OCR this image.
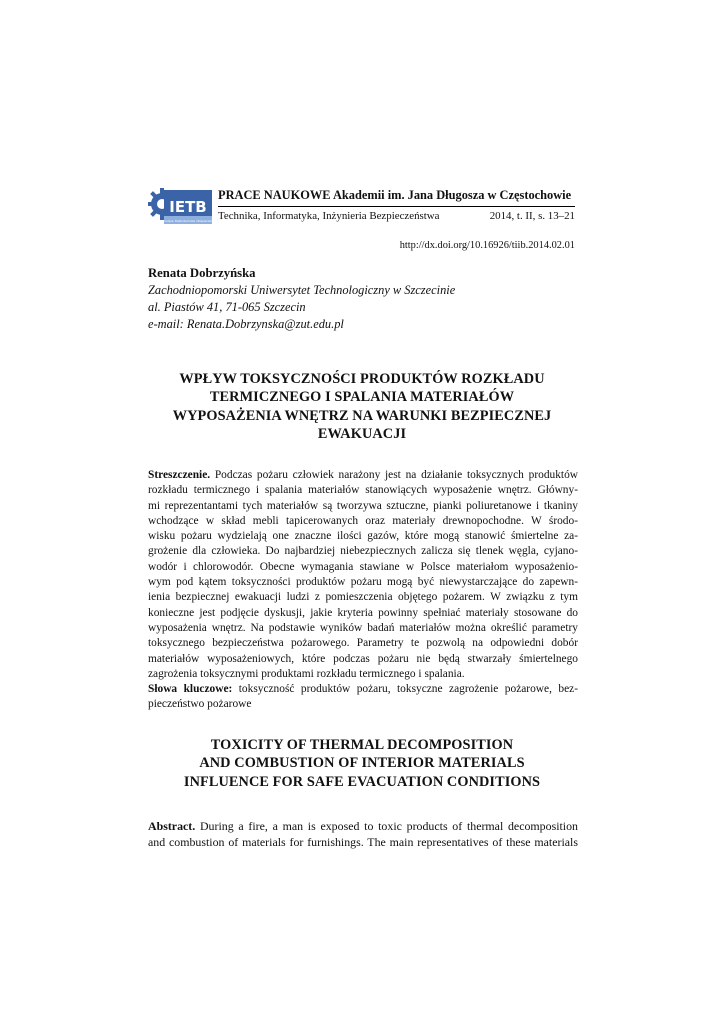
IETB
Informatyka, Elektrotechnika i Bezpieczeństwo
PRACE NAUKOWE Akademii im. Jana Długosza w Częstochowie
Technika, Informatyka, Inżynieria Bezpieczeństwa	2014, t. II, s. 13–21
http://dx.doi.org/10.16926/tiib.2014.02.01
Renata Dobrzyńska
Zachodniopomorski Uniwersytet Technologiczny w Szczecinie
al. Piastów 41, 71-065 Szczecin
e-mail: Renata.Dobrzynska@zut.edu.pl
WPŁYW TOKSYCZNOŚCI PRODUKTÓW ROZKŁADU
TERMICZNEGO I SPALANIA MATERIAŁÓW
WYPOSAŻENIA WNĘTRZ NA WARUNKI BEZPIECZNEJ
EWAKUACJI
Streszczenie. Podczas pożaru człowiek narażony jest na działanie toksycznych produktów
rozkładu termicznego i spalania materiałów stanowiących wyposażenie wnętrz. Główny-
mi reprezentantami tych materiałów są tworzywa sztuczne, pianki poliuretanowe i tkaniny
wchodzące w skład mebli tapicerowanych oraz materiały drewnopochodne. W środo-
wisku pożaru wydzielają one znaczne ilości gazów, które mogą stanowić śmiertelne za-
grożenie dla człowieka. Do najbardziej niebezpiecznych zalicza się tlenek węgla, cyjano-
wodór i chlorowodór. Obecne wymagania stawiane w Polsce materiałom wyposażenio-
wym pod kątem toksyczności produktów pożaru mogą być niewystarczające do zapewn-
ienia bezpiecznej ewakuacji ludzi z pomieszczenia objętego pożarem. W związku z tym
konieczne jest podjęcie dyskusji, jakie kryteria powinny spełniać materiały stosowane do
wyposażenia wnętrz. Na podstawie wyników badań materiałów można określić parametry
toksycznego bezpieczeństwa pożarowego. Parametry te pozwolą na odpowiedni dobór
materiałów wyposażeniowych, które podczas pożaru nie będą stwarzały śmiertelnego
zagrożenia toksycznymi produktami rozkładu termicznego i spalania.
Słowa kluczowe: toksyczność produktów pożaru, toksyczne zagrożenie pożarowe, bez-
pieczeństwo pożarowe
TOXICITY OF THERMAL DECOMPOSITION
AND COMBUSTION OF INTERIOR MATERIALS
INFLUENCE FOR SAFE EVACUATION CONDITIONS
Abstract. During a fire, a man is exposed to toxic products of thermal decomposition
and combustion of materials for furnishings. The main representatives of these materials
